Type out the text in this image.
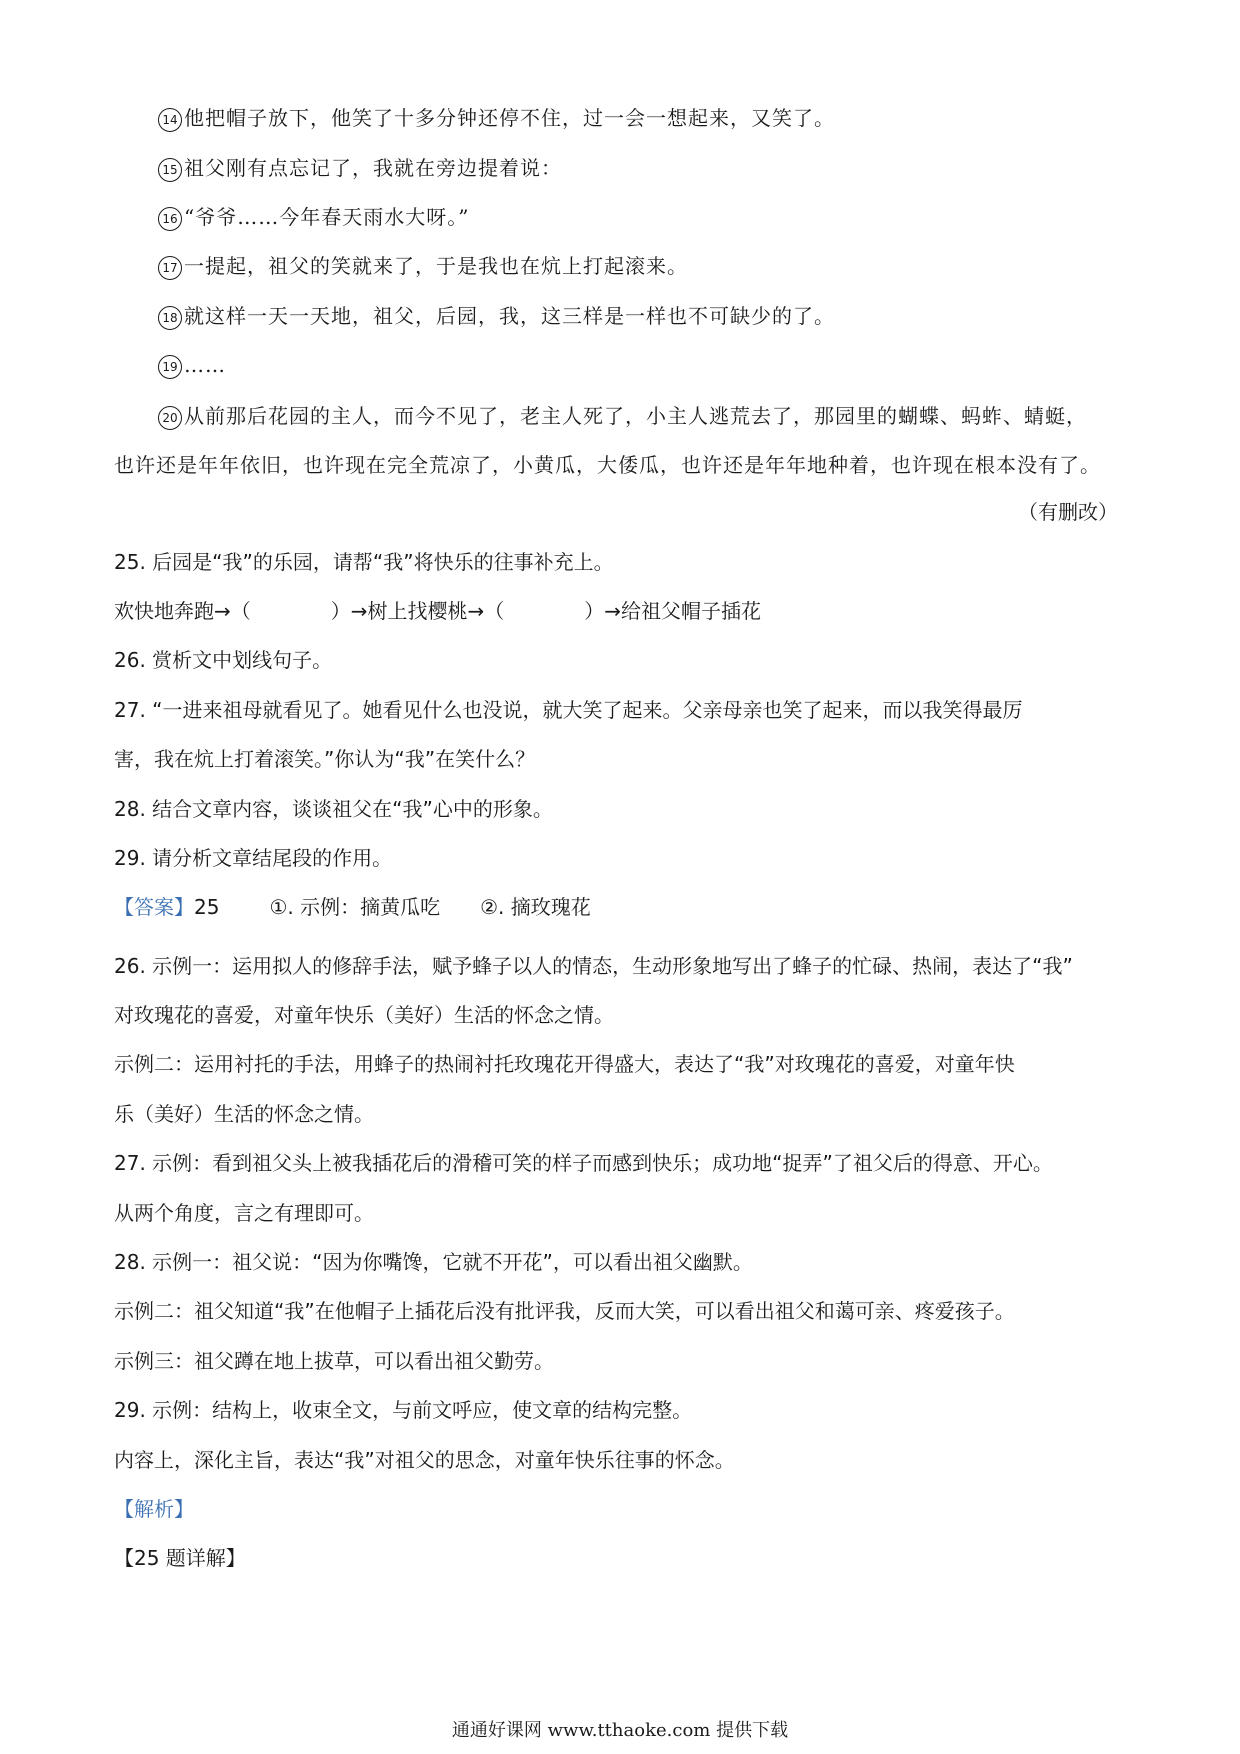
14 他把帽子放下，他笑了十多分钟还停不住，过一会一想起来，又笑了。
15 祖父刚有点忘记了，我就在旁边提着说：
16 “爷爷……今年春天雨水大呀。”
17 一提起，祖父的笑就来了，于是我也在炕上打起滚来。
18 就这样一天一天地，祖父，后园，我，这三样是一样也不可缺少的了。
19 ……
20 从前那后花园的主人，而今不见了，老主人死了，小主人逃荒去了，那园里的蝴蝶、蚂蚱、蜻蜓，
也许还是年年依旧，也许现在完全荒凉了，小黄瓜，大倭瓜，也许还是年年地种着，也许现在根本没有了。
（有删改）
25. 后园是“我”的乐园，请帮“我”将快乐的往事补充上。
欢快地奔跑→（	）→树上找樱桃→（	）→给祖父帽子插花
26. 赏析文中划线句子。
27. “一进来祖母就看见了。她看见什么也没说，就大笑了起来。父亲母亲也笑了起来，而以我笑得最厉
害，我在炕上打着滚笑。”你认为“我”在笑什么？
28. 结合文章内容，谈谈祖父在“我”心中的形象。
29. 请分析文章结尾段的作用。
【答案】25	①. 示例：摘黄瓜吃 ②. 摘玫瑰花
26. 示例一：运用拟人的修辞手法，赋予蜂子以人的情态，生动形象地写出了蜂子的忙碌、热闹，表达了“我”
对玫瑰花的喜爱，对童年快乐（美好）生活的怀念之情。
示例二：运用衬托的手法，用蜂子的热闹衬托玫瑰花开得盛大，表达了“我”对玫瑰花的喜爱，对童年快
乐（美好）生活的怀念之情。
27. 示例：看到祖父头上被我插花后的滑稽可笑的样子而感到快乐；成功地“捉弄”了祖父后的得意、开心。
从两个角度，言之有理即可。
28. 示例一：祖父说：“因为你嘴馋，它就不开花”，可以看出祖父幽默。
示例二：祖父知道“我”在他帽子上插花后没有批评我，反而大笑，可以看出祖父和蔼可亲、疼爱孩子。
示例三：祖父蹲在地上拔草，可以看出祖父勤劳。
29. 示例：结构上，收束全文，与前文呼应，使文章的结构完整。
内容上，深化主旨，表达“我”对祖父的思念，对童年快乐往事的怀念。
【解析】
【25 题详解】
通通好课网 www.tthaoke.com 提供下载
